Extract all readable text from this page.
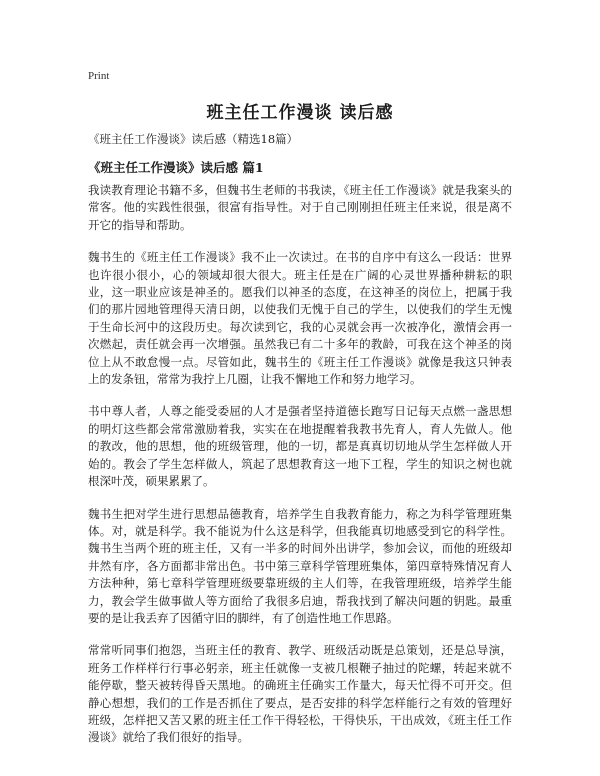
Print
班主任工作漫谈 读后感
《班主任工作漫谈》读后感（精选18篇）
《班主任工作漫谈》读后感 篇1

我读教育理论书籍不多，但魏书生老师的书我读，《班主任工作漫谈》就是我案头的常客。他的实践性很强，很富有指导性。对于自己刚刚担任班主任来说，很是离不开它的指导和帮助。

魏书生的《班主任工作漫谈》我不止一次读过。在书的自序中有这么一段话：世界也许很小很小，心的领域却很大很大。班主任是在广阔的心灵世界播种耕耘的职业，这一职业应该是神圣的。愿我们以神圣的态度，在这神圣的岗位上，把属于我们的那片园地管理得天清日朗，以使我们无愧于自己的学生，以使我们的学生无愧于生命长河中的这段历史。每次读到它，我的心灵就会再一次被净化，激情会再一次燃起，责任就会再一次增强。虽然我已有二十多年的教龄，可我在这个神圣的岗位上从不敢怠慢一点。尽管如此，魏书生的《班主任工作漫谈》就像是我这只钟表上的发条钮，常常为我拧上几圈，让我不懈地工作和努力地学习。

书中尊人者，人尊之能受委屈的人才是强者坚持道德长跑写日记每天点燃一盏思想的明灯这些都会常常激励着我，实实在在地提醒着我教书先育人，育人先做人。他的教改，他的思想，他的班级管理，他的一切，都是真真切切地从学生怎样做人开始的。教会了学生怎样做人，筑起了思想教育这一地下工程，学生的知识之树也就根深叶茂，硕果累累了。

魏书生把对学生进行思想品德教育，培养学生自我教育能力，称之为科学管理班集体。对，就是科学。我不能说为什么这是科学，但我能真切地感受到它的科学性。魏书生当两个班的班主任，又有一半多的时间外出讲学，参加会议，而他的班级却井然有序，各方面都非常出色。书中第三章科学管理班集体，第四章特殊情况育人方法种种，第七章科学管理班级要靠班级的主人们等，在我管理班级，培养学生能力，教会学生做事做人等方面给了我很多启迪，帮我找到了解决问题的钥匙。最重要的是让我丢弃了因循守旧的脚绊，有了创造性地工作思路。

常常听同事们抱怨，当班主任的教育、教学、班级活动既是总策划，还是总导演，班务工作样样行行事必躬亲，班主任就像一支被几根鞭子抽过的陀螺，转起来就不能停歇，整天被转得昏天黑地。的确班主任确实工作量大，每天忙得不可开交。但静心想想，我们的工作是否抓住了要点，是否安排的科学怎样能行之有效的管理好班级，怎样把又苦又累的班主任工作干得轻松，干得快乐，干出成效，《班主任工作漫谈》就给了我们很好的指导。
